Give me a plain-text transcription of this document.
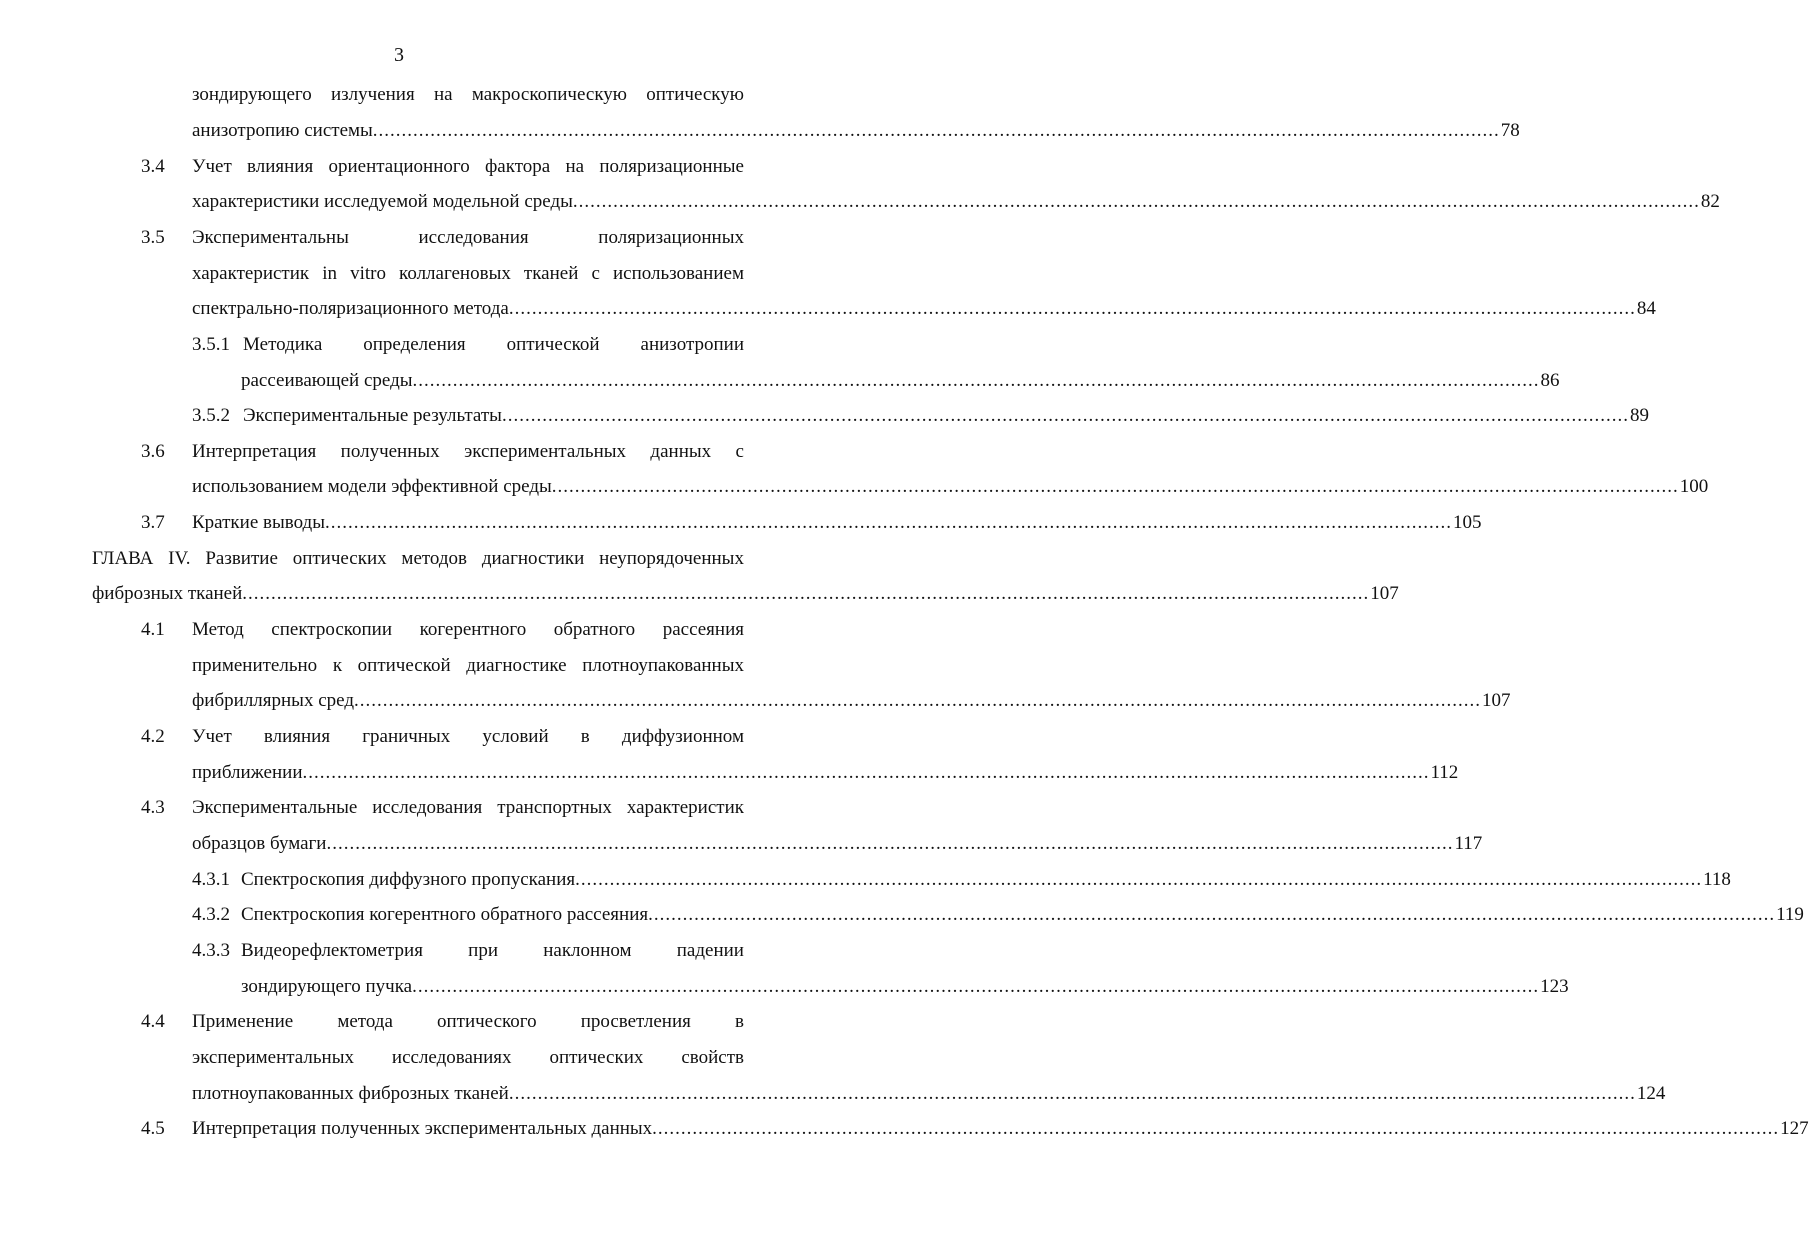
3
зондирующего излучения на макроскопическую оптическую
анизотропию системы .................................................................................................................................................................................................... 78
3.4 Учет влияния ориентационного фактора на поляризационные
характеристики исследуемой модельной среды .................................................................................................................................................................................................... 82
3.5 Экспериментальны	исследования	поляризационных
характеристик in vitro коллагеновых тканей с использованием
спектрально-поляризационного метода .................................................................................................................................................................................................... 84
3.5.1 Методика определения оптической анизотропии
рассеивающей среды .................................................................................................................................................................................................... 86
3.5.2 Экспериментальные результаты .................................................................................................................................................................................................... 89
3.6 Интерпретация полученных экспериментальных данных с
использованием модели эффективной среды .................................................................................................................................................................................................... 100
3.7 Краткие выводы .................................................................................................................................................................................................... 105
ГЛАВА IV. Развитие оптических методов диагностики неупорядоченных
фиброзных тканей .................................................................................................................................................................................................... 107
4.1 Метод спектроскопии когерентного обратного рассеяния
применительно к оптической диагностике плотноупакованных
фибриллярных сред .................................................................................................................................................................................................... 107
4.2 Учет влияния граничных условий в диффузионном
приближении .................................................................................................................................................................................................... 112
4.3 Экспериментальные исследования транспортных характеристик
образцов бумаги .................................................................................................................................................................................................... 117
4.3.1 Спектроскопия диффузного пропускания .................................................................................................................................................................................................... 118
4.3.2 Спектроскопия когерентного обратного рассеяния .................................................................................................................................................................................................... 119
4.3.3 Видеорефлектометрия при наклонном падении
зондирующего пучка .................................................................................................................................................................................................... 123
4.4 Применение метода оптического просветления в
экспериментальных исследованиях оптических свойств
плотноупакованных фиброзных тканей .................................................................................................................................................................................................... 124
4.5 Интерпретация полученных экспериментальных данных .................................................................................................................................................................................................... 127
